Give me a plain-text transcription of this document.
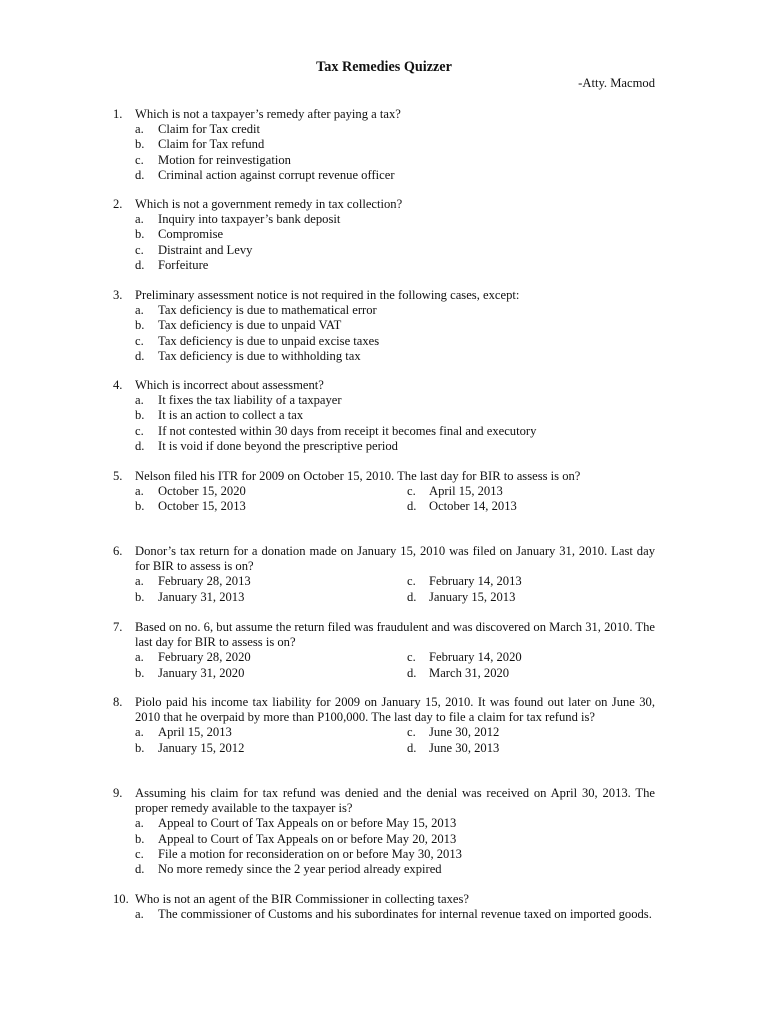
Tax Remedies Quizzer
-Atty. Macmod
1. Which is not a taxpayer’s remedy after paying a tax?
a. Claim for Tax credit
b. Claim for Tax refund
c. Motion for reinvestigation
d. Criminal action against corrupt revenue officer
2. Which is not a government remedy in tax collection?
a. Inquiry into taxpayer’s bank deposit
b. Compromise
c. Distraint and Levy
d. Forfeiture
3. Preliminary assessment notice is not required in the following cases, except:
a. Tax deficiency is due to mathematical error
b. Tax deficiency is due to unpaid VAT
c. Tax deficiency is due to unpaid excise taxes
d. Tax deficiency is due to withholding tax
4. Which is incorrect about assessment?
a. It fixes the tax liability of a taxpayer
b. It is an action to collect a tax
c. If not contested within 30 days from receipt it becomes final and executory
d. It is void if done beyond the prescriptive period
5. Nelson filed his ITR for 2009 on October 15, 2010. The last day for BIR to assess is on?
a. October 15, 2020	c. April 15, 2013
b. October 15, 2013	d. October 14, 2013
6. Donor’s tax return for a donation made on January 15, 2010 was filed on January 31, 2010. Last day for BIR to assess is on?
a. February 28, 2013	c. February 14, 2013
b. January 31, 2013	d. January 15, 2013
7. Based on no. 6, but assume the return filed was fraudulent and was discovered on March 31, 2010. The last day for BIR to assess is on?
a. February 28, 2020	c. February 14, 2020
b. January 31, 2020	d. March 31, 2020
8. Piolo paid his income tax liability for 2009 on January 15, 2010. It was found out later on June 30, 2010 that he overpaid by more than P100,000. The last day to file a claim for tax refund is?
a. April 15, 2013	c. June 30, 2012
b. January 15, 2012	d. June 30, 2013
9. Assuming his claim for tax refund was denied and the denial was received on April 30, 2013. The proper remedy available to the taxpayer is?
a. Appeal to Court of Tax Appeals on or before May 15, 2013
b. Appeal to Court of Tax Appeals on or before May 20, 2013
c. File a motion for reconsideration on or before May 30, 2013
d. No more remedy since the 2 year period already expired
10. Who is not an agent of the BIR Commissioner in collecting taxes?
a. The commissioner of Customs and his subordinates for internal revenue taxed on imported goods.
